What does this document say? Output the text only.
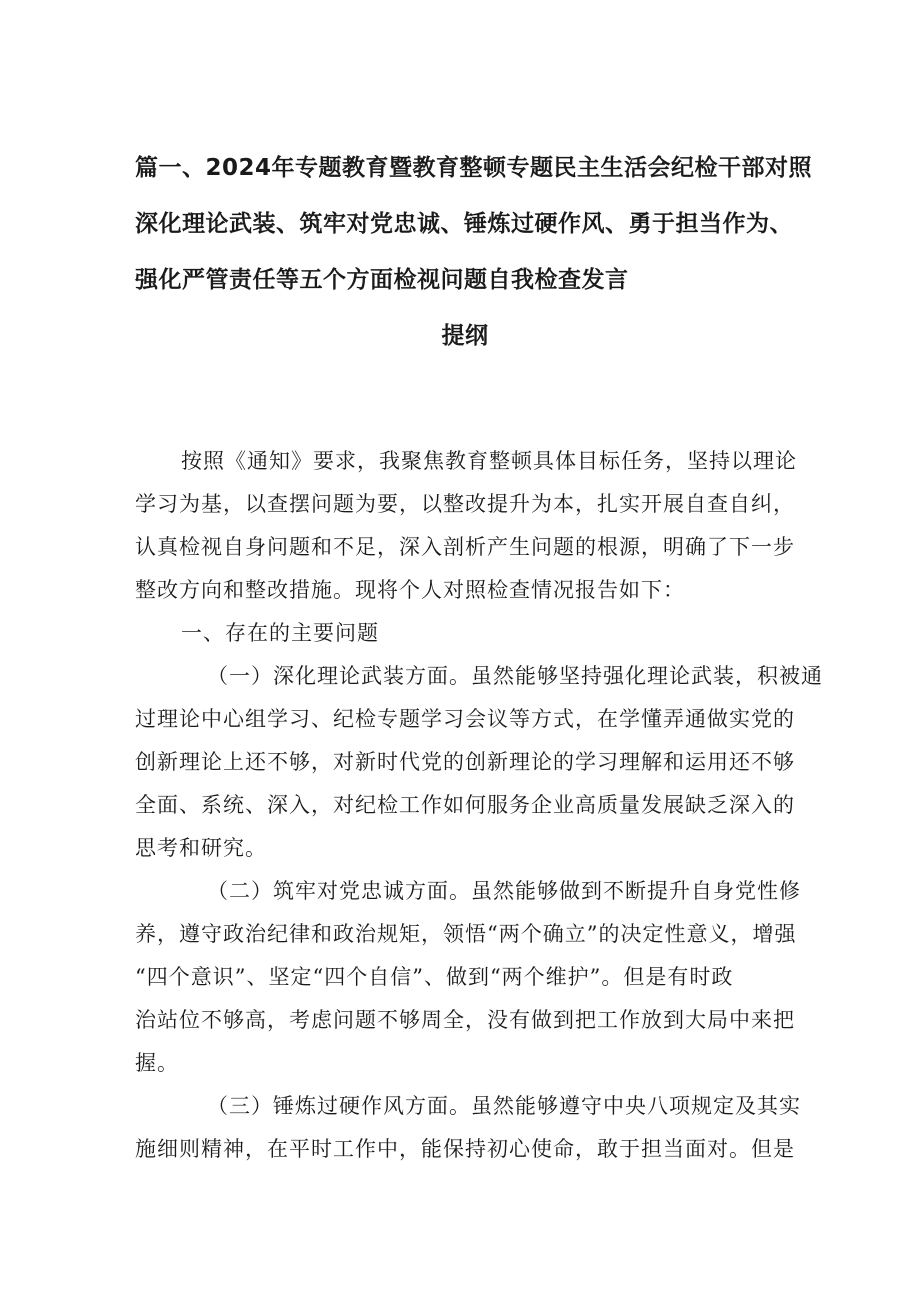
篇一、2024年专题教育暨教育整顿专题民主生活会纪检干部对照
深化理论武装、筑牢对党忠诚、锤炼过硬作风、勇于担当作为、
强化严管责任等五个方面检视问题自我检查发言
提纲
按照《通知》要求，我聚焦教育整顿具体目标任务，坚持以理论
学习为基，以查摆问题为要，以整改提升为本，扎实开展自查自纠，
认真检视自身问题和不足，深入剖析产生问题的根源，明确了下一步
整改方向和整改措施。现将个人对照检查情况报告如下：
一、存在的主要问题
（一）深化理论武装方面。虽然能够坚持强化理论武装，积被通
过理论中心组学习、纪检专题学习会议等方式，在学懂弄通做实党的
创新理论上还不够，对新时代党的创新理论的学习理解和运用还不够
全面、系统、深入，对纪检工作如何服务企业高质量发展缺乏深入的
思考和研究。
（二）筑牢对党忠诚方面。虽然能够做到不断提升自身党性修
养，遵守政治纪律和政治规矩，领悟“两个确立”的决定性意义，增强
“四个意识”、坚定“四个自信”、做到“两个维护”。但是有时政
治站位不够高，考虑问题不够周全，没有做到把工作放到大局中来把
握。
（三）锤炼过硬作风方面。虽然能够遵守中央八项规定及其实
施细则精神，在平时工作中，能保持初心使命，敢于担当面对。但是
